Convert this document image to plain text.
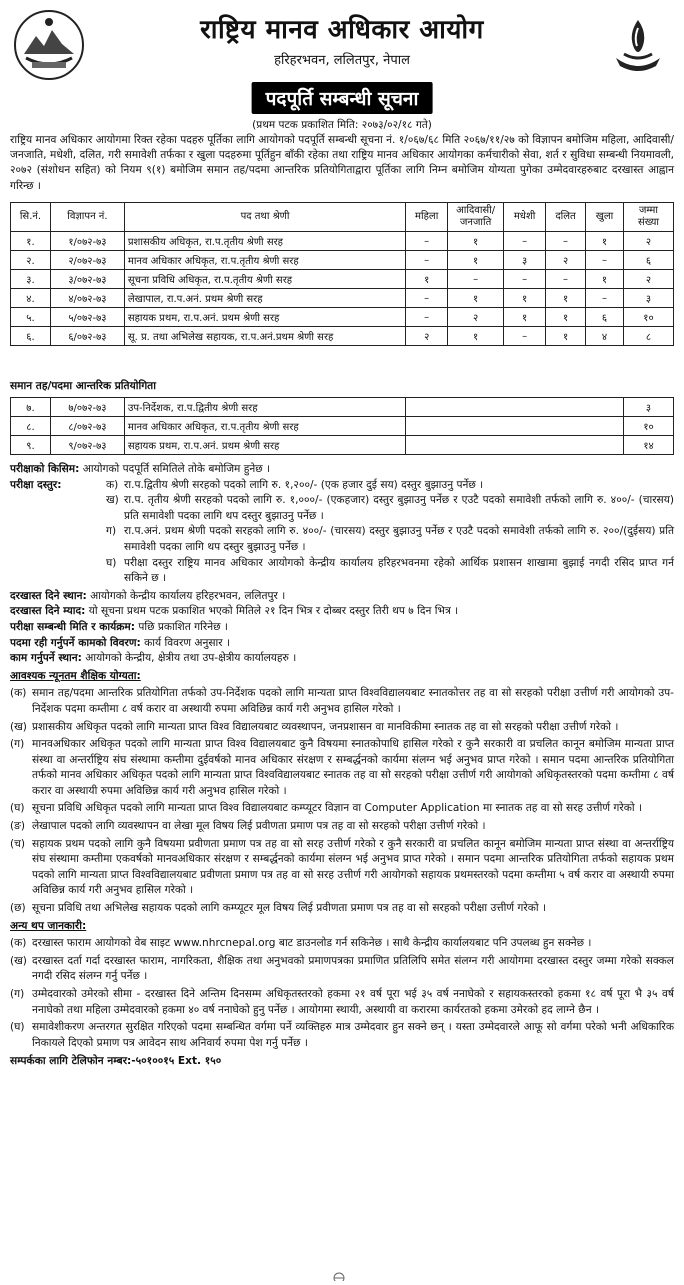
राष्ट्रिय मानव अधिकार आयोग
हरिहरभवन, ललितपुर, नेपाल
पदपूर्ति सम्बन्धी सूचना
(प्रथम पटक प्रकाशित मिति: २०७३/०२/१८ गते)
राष्ट्रिय मानव अधिकार आयोगमा रिक्त रहेका पदहरु पूर्तिका लागि आयोगको पदपूर्ति सम्बन्धी सूचना नं. १/०६७/६८ मिति २०६७/११/२७ को विज्ञापन बमोजिम महिला, आदिवासी/जनजाति, मधेशी, दलित, गरी समावेशी तर्फका र खुला पदहरुमा पूर्तिहुन बाँकी रहेका तथा राष्ट्रिय मानव अधिकार आयोगका कर्मचारीको सेवा, शर्त र सुविधा सम्बन्धी नियमावली, २०७२ (संशोधन सहित) को नियम ९(१) बमोजिम समान तह/पदमा आन्तरिक प्रतियोगिताद्वारा पूर्तिका लागि निम्न बमोजिम योग्यता पुगेका उम्मेदवारहरुबाट दरखास्त आह्वान गरिन्छ ।
सि.नं.	विज्ञापन नं.	पद तथा श्रेणी	महिला	आदिवासी/ जनजाति	मधेशी	दलित	खुला	जम्मा संख्या
१.	१/०७२-७३	प्रशासकीय अधिकृत, रा.प.तृतीय श्रेणी सरह	–	१	–	–	१	२
२.	२/०७२-७३	मानव अधिकार अधिकृत, रा.प.तृतीय श्रेणी सरह	–	१	३	२	–	६
३.	३/०७२-७३	सूचना प्रविधि अधिकृत, रा.प.तृतीय श्रेणी सरह	१	–	–	–	१	२
४.	४/०७२-७३	लेखापाल, रा.प.अनं. प्रथम श्रेणी सरह	–	१	१	१	–	३
५.	५/०७२-७३	सहायक प्रथम, रा.प.अनं. प्रथम श्रेणी सरह	–	२	१	१	६	१०
६.	६/०७२-७३	सू. प्र. तथा अभिलेख सहायक, रा.प.अनं.प्रथम श्रेणी सरह	२	१	–	१	४	८
समान तह/पदमा आन्तरिक प्रतियोगिता
७.	७/०७२-७३	उप-निर्देशक, रा.प.द्वितीय श्रेणी सरह		३
८.	८/०७२-७३	मानव अधिकार अधिकृत, रा.प.तृतीय श्रेणी सरह		१०
९.	९/०७२-७३	सहायक प्रथम, रा.प.अनं. प्रथम श्रेणी सरह		१४
परीक्षाको किसिम:
आयोगको पदपूर्ति समितिले तोके बमोजिम हुनेछ ।
परीक्षा दस्तुर:	क) रा.प.द्वितीय श्रेणी सरहको पदको लागि रु. १,२००/- (एक हजार दुई सय) दस्तुर बुझाउनु पर्नेछ ।
ख) रा.प. तृतीय श्रेणी सरहको पदको लागि रु. १,०००/- (एकहजार) दस्तुर बुझाउनु पर्नेछ र एउटै पदको समावेशी तर्फको लागि रु. ४००/- (चारसय) प्रति समावेशी पदका लागि थप दस्तुर बुझाउनु पर्नेछ ।
ग) रा.प.अनं. प्रथम श्रेणी पदको सरहको लागि रु. ४००/- (चारसय) दस्तुर बुझाउनु पर्नेछ र एउटै पदको समावेशी तर्फको लागि रु. २००/(दुईसय) प्रति समावेशी पदका लागि थप दस्तुर बुझाउनु पर्नेछ ।
घ) परीक्षा दस्तुर राष्ट्रिय मानव अधिकार आयोगको केन्द्रीय कार्यालय हरिहरभवनमा रहेको आर्थिक प्रशासन शाखामा बुझाई नगदी रसिद प्राप्त गर्न सकिने छ ।
दरखास्त दिने स्थान:
आयोगको केन्द्रीय कार्यालय हरिहरभवन, ललितपुर ।
दरखास्त दिने म्याद:
यो सूचना प्रथम पटक प्रकाशित भएको मितिले २१ दिन भित्र र दोब्बर दस्तुर तिरी थप ७ दिन भित्र ।
परीक्षा सम्बन्धी मिति र कार्यक्रम:
पछि प्रकाशित गरिनेछ ।
पदमा रही गर्नुपर्ने कामको विवरण:
कार्य विवरण अनुसार ।
काम गर्नुपर्ने स्थान:
आयोगको केन्द्रीय, क्षेत्रीय तथा उप-क्षेत्रीय कार्यालयहरु ।
आवश्यक न्यूनतम शैक्षिक योग्यता:
(क) समान तह/पदमा आन्तरिक प्रतियोगिता तर्फको उप-निर्देशक पदको लागि मान्यता प्राप्त विश्वविद्यालयबाट स्नातकोत्तर तह वा सो सरहको परीक्षा उत्तीर्ण गरी आयोगको उप-निर्देशक पदमा कम्तीमा ८ वर्ष करार वा अस्थायी रुपमा अविछिन्न कार्य गरी अनुभव हासिल गरेको ।
(ख) प्रशासकीय अधिकृत पदको लागि मान्यता प्राप्त विश्व विद्यालयबाट व्यवस्थापन, जनप्रशासन वा मानविकीमा स्नातक तह वा सो सरहको परीक्षा उत्तीर्ण गरेको ।
(ग) मानवअधिकार अधिकृत पदको लागि मान्यता प्राप्त विश्व विद्यालयबाट कुनै विषयमा स्नातकोपाधि हासिल गरेको र कुनै सरकारी वा प्रचलित कानून बमोजिम मान्यता प्राप्त संस्था वा अन्तर्राष्ट्रिय संघ संस्थामा कम्तीमा दुईवर्षको मानव अधिकार संरक्षण र सम्बर्द्धनको कार्यमा संलग्न भई अनुभव प्राप्त गरेको । समान पदमा आन्तरिक प्रतियोगिता तर्फको मानव अधिकार अधिकृत पदको लागि मान्यता प्राप्त विश्वविद्यालयबाट स्नातक तह वा सो सरहको परीक्षा उत्तीर्ण गरी आयोगको अधिकृतस्तरको पदमा कम्तीमा ८ वर्ष करार वा अस्थायी रुपमा अविछिन्न कार्य गरी अनुभव हासिल गरेको ।
(घ) सूचना प्रविधि अधिकृत पदको लागि मान्यता प्राप्त विश्व विद्यालयबाट कम्प्यूटर विज्ञान वा Computer Application मा स्नातक तह वा सो सरह उत्तीर्ण गरेको ।
(ङ) लेखापाल पदको लागि व्यवस्थापन वा लेखा मूल विषय लिई प्रवीणता प्रमाण पत्र तह वा सो सरहको परीक्षा उत्तीर्ण गरेको ।
(च) सहायक प्रथम पदको लागि कुनै विषयमा प्रवीणता प्रमाण पत्र तह वा सो सरह उत्तीर्ण गरेको र कुनै सरकारी वा प्रचलित कानून बमोजिम मान्यता प्राप्त संस्था वा अन्तर्राष्ट्रिय संघ संस्थामा कम्तीमा एकवर्षको मानवअधिकार संरक्षण र सम्बर्द्धनको कार्यमा संलग्न भई अनुभव प्राप्त गरेको । समान पदमा आन्तरिक प्रतियोगिता तर्फको सहायक प्रथम पदको लागि मान्यता प्राप्त विश्वविद्यालयबाट प्रवीणता प्रमाण पत्र तह वा सो सरह उत्तीर्ण गरी आयोगको सहायक प्रथमस्तरको पदमा कम्तीमा ५ वर्ष करार वा अस्थायी रुपमा अविछिन्न कार्य गरी अनुभव हासिल गरेको ।
(छ) सूचना प्रविधि तथा अभिलेख सहायक पदको लागि कम्प्यूटर मूल विषय लिई प्रवीणता प्रमाण पत्र तह वा सो सरहको परीक्षा उत्तीर्ण गरेको ।
अन्य थप जानकारी:
(क) दरखास्त फाराम आयोगको वेब साइट www.nhrcnepal.org बाट डाउनलोड गर्न सकिनेछ । साथै केन्द्रीय कार्यालयबाट पनि उपलब्ध हुन सक्नेछ ।
(ख) दरखास्त दर्ता गर्दा दरखास्त फाराम, नागरिकता, शैक्षिक तथा अनुभवको प्रमाणपत्रका प्रमाणित प्रतिलिपि समेत संलग्न गरी आयोगमा दरखास्त दस्तुर जम्मा गरेको सक्कल नगदी रसिद संलग्न गर्नु पर्नेछ ।
(ग) उम्मेदवारको उमेरको सीमा - दरखास्त दिने अन्तिम दिनसम्म अधिकृतस्तरको हकमा २१ वर्ष पूरा भई ३५ वर्ष ननाघेको र सहायकस्तरको हकमा १८ वर्ष पूरा भै ३५ वर्ष ननाघेको तथा महिला उम्मेदवारको हकमा ४० वर्ष ननाघेको हुनु पर्नेछ । आयोगमा स्थायी, अस्थायी वा करारमा कार्यरतको हकमा उमेरको हद लाग्ने छैन ।
(घ) समावेशीकरण अन्तरगत सुरक्षित गरिएको पदमा सम्बन्धित वर्गमा पर्ने व्यक्तिहरु मात्र उम्मेदवार हुन सक्ने छन् । यस्ता उम्मेदवारले आफू सो वर्गमा परेको भनी अधिकारिक निकायले दिएको प्रमाण पत्र आवेदन साथ अनिवार्य रुपमा पेश गर्नु पर्नेछ ।
सम्पर्कका लागि टेलिफोन नम्बर:-५०१००१५ Ext. १५०
